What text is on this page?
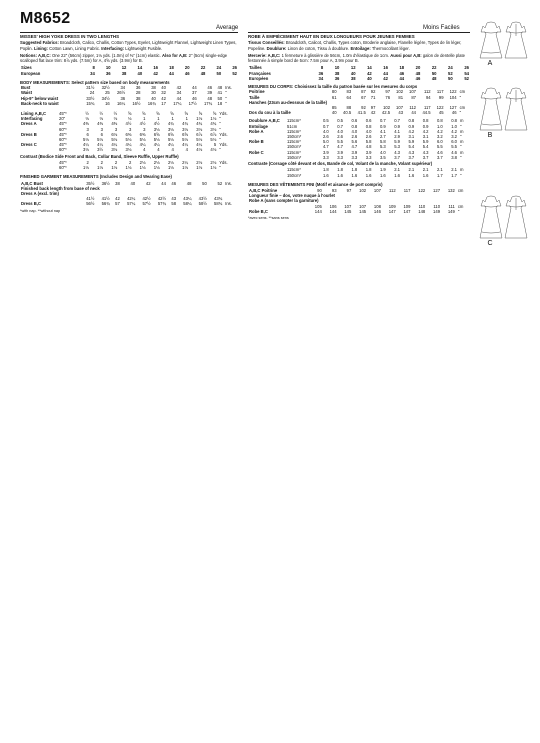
M8652
Average	Moins Faciles
MISSES' HIGH YOKE DRESS IN TWO LENGTHS

Suggested Fabrics: Broadcloth, Calico, Challis, Cotton Types, Eyelet, Lightweight Flannel, Lightweight Linen Types, Poplin. Lining: Cotton Lawn, Lining Fabric. Interfacing: Lightweight Fusible.

Notions: A,B,C: One 22" (56cm) zipper, 1⅛ yds. (1.0m) of ⅜" (1cm) elastic. Also for A,B: 2" (5cm) single-edge scalloped flat lace trim: 8⅞ yds. (7.5m) for A, 4⅝ yds. (3.9m) for B.

Sizes	8	10	12	14	16	18	20	22	24	26
European	34	36	38	40	42	44	46	48	50	52
BODY MEASUREMENTS: Select pattern size based on body measurements
Bust	31½	32½	34	36	38	40	42	44	46	48	Ins.
Waist	24	25	26½	28	30	32	34	37	39	41	"
Hip-9" below waist	33½	34½	36	38	40	42	44	46	48	50	"
Back-neck to waist	15¾	16	16¼	16½	16¾	17	17¼	17½	17¾	18	"
Lining A,B,C	45"*	½	½	½	⅝	⅝	⅝	⅝	⅝	⅝	⅝	Yds.
Interfacing	20"	⅛	⅛	⅛	⅛	1	1	1	1	1⅛	1⅛	"

Dress A	45"*	4⅜	4⅜	4⅜	4½	4½	4½	4¾	4¾	4¾	4¾	"
	60"*	3	3	3	3	3	3⅛	3⅛	3⅛	3⅛	3⅛	"
Dress B	45"*	6	6	6⅛	6⅜	6⅜	6⅝	6⅝	6⅝	6⅞	6⅞	Yds.
	60"*	5⅛	5⅛	5⅛	5⅛	5⅛	5⅛	5⅛	5⅛	5⅛	5⅛	"
Dress C	45"*	4¼	4¼	4¼	4¼	4¼	4¼	4¼	4¼	4¼	5	Yds.
	60"*	3⅛	3½	3⅛	3⅛	4	4	4	4	4⅛	4⅛	"
Contrast (Bodice Side Front and Back, Collar Band, Sleeve Ruffle, Upper Ruffle)
	45"*	2	2	2	2	2⅛	2⅛	2⅛	2¼	2⅛	2⅛	Yds.
	60"*	1⅛	1⅛	1⅛	1⅛	1⅛	1⅛	1⅛	1⅛	1⅛	1⅛	"
FINISHED GARMENT MEASUREMENTS (Includes Design and Wearing Ease)
A,B,C Bust	35½	36½	38	40	42	44	46	48	50	52	Ins.
Finished back length from base of neck											
Dress A (excl. trim)											
	41½	41½	42	42¼	42½	42½	43	43¼	43½	43¾	
Dress B,C	56½	56¾	57	57¼	57½	57¾	58	58¼	58½	58¾	Ins.
*with nap. **without nap
ROBE À EMPIÈCEMENT HAUT EN DEUX LONGUEURS POUR JEUNES FEMMES

Tissus Conseillés: Broadcloth, Calicot, Challis, Types coton, Broderie anglaise, Flanelle légère, Types de lin léger, Popeline. Doublure: Linon de coton, Tissu à doublure. Entoilage: Thermocollant léger.

Mercerie: A,B,C: 1 fermeture à glissière de 56cm, 1.0m d'élastique de 1cm. Aussi pour A,B: galon de dentelle plate festonnée à simple bord de 5cm: 7.5m pour A, 3.9m pour B.

Tailles	8	10	12	14	16	18	20	22	24	26
Françaises	36	38	40	42	44	46	48	50	52	54
Européen	34	36	38	40	42	44	46	48	50	52
MESURES DU CORPS: Choisissez la taille du patron basée sur les mesures du corps
Poitrine	80	83	87	92	97	102	107	112	117	122	cm
Taille	61	64	67	71	76	81	87	94	99	104	"
Hanches (23cm au-dessous de la taille)											
	85	88	92	97	102	107	112	117	122	127	cm
Dos du cou à la taille	40	40.5	41.5	42	42.5	43	44	44.5	45	46	"
Doublure A,B,C	115cm*	0.5	0.5	0.6	0.6	0.7	0.7	0.8	0.8	0.8	0.8	m
Entoilage	51cm	0.7	0.7	0.8	0.8	0.9	0.9	0.9	0.9	1.0	1.0	"
Robe A	115cm*	4.0	4.0	4.0	4.0	4.1	4.1	4.2	4.2	4.2	4.2	m
	150cm*	2.6	2.6	2.6	2.6	2.7	2.9	3.1	3.1	3.2	3.2	"
Robe B	115cm*	5.0	5.5	5.6	5.8	5.8	5.9	5.9	5.9	6.0	6.0	m
	150cm*	4.7	4.7	4.7	4.8	5.3	5.3	5.4	5.4	5.5	5.5	"
Robe C	115cm*	3.9	3.9	3.9	3.9	4.0	4.3	4.3	4.3	4.6	4.6	m
	150cm*	3.3	3.3	3.3	3.3	3.5	3.7	3.7	3.7	3.7	3.8	"
Contraste (Corsage côté devant et dos, Bande de col, Volant de la manche, Volant supérieur)
	115cm*	1.8	1.8	1.8	1.8	1.9	2.1	2.1	2.1	2.1	2.1	m
	150cm*	1.6	1.6	1.6	1.6	1.6	1.6	1.6	1.6	1.7	1.7	"
MESURES DES VÊTEMENTS FINI (Motif et aisance de port compris)
A,B,C Poitrine	90	93	97	102	107	112	117	122	127	132	cm
Longueur finie – dos, votre nuque à l'ourlet											
Robe A (sans compter la garniture)											
	105	106	107	107	108	109	109	110	110	111	cm
Robe B,C	144	144	145	145	146	147	147	148	149	149	"
*avec sens. **sans sens
A
B
C
